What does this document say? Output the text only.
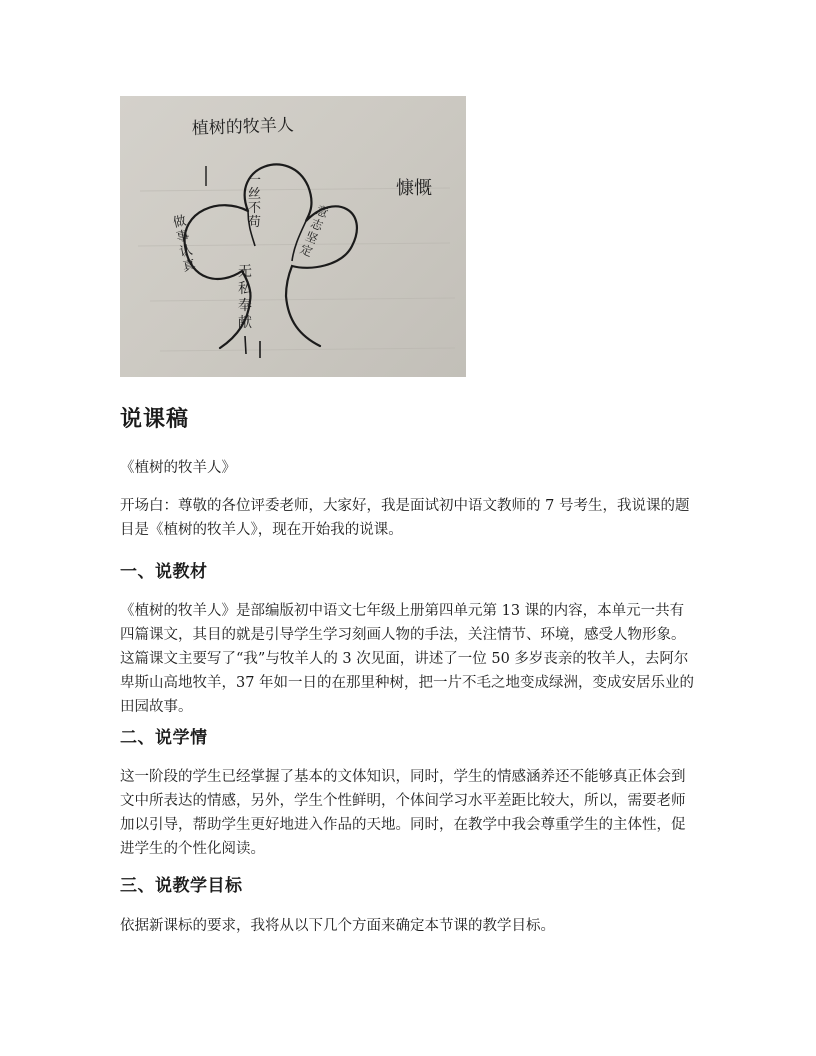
植树的牧羊人
慷慨
一丝不苟
做事认真
意志坚定
无私奉献
说课稿

《植树的牧羊人》

开场白：尊敬的各位评委老师，大家好，我是面试初中语文教师的 7 号考生，我说课的题目是《植树的牧羊人》，现在开始我的说课。

一、说教材

《植树的牧羊人》是部编版初中语文七年级上册第四单元第 13 课的内容，本单元一共有四篇课文，其目的就是引导学生学习刻画人物的手法，关注情节、环境，感受人物形象。这篇课文主要写了“我”与牧羊人的 3 次见面，讲述了一位 50 多岁丧亲的牧羊人，去阿尔卑斯山高地牧羊，37 年如一日的在那里种树，把一片不毛之地变成绿洲，变成安居乐业的田园故事。

二、说学情

这一阶段的学生已经掌握了基本的文体知识，同时，学生的情感涵养还不能够真正体会到文中所表达的情感，另外，学生个性鲜明，个体间学习水平差距比较大，所以，需要老师加以引导，帮助学生更好地进入作品的天地。同时，在教学中我会尊重学生的主体性，促进学生的个性化阅读。

三、说教学目标

依据新课标的要求，我将从以下几个方面来确定本节课的教学目标。
